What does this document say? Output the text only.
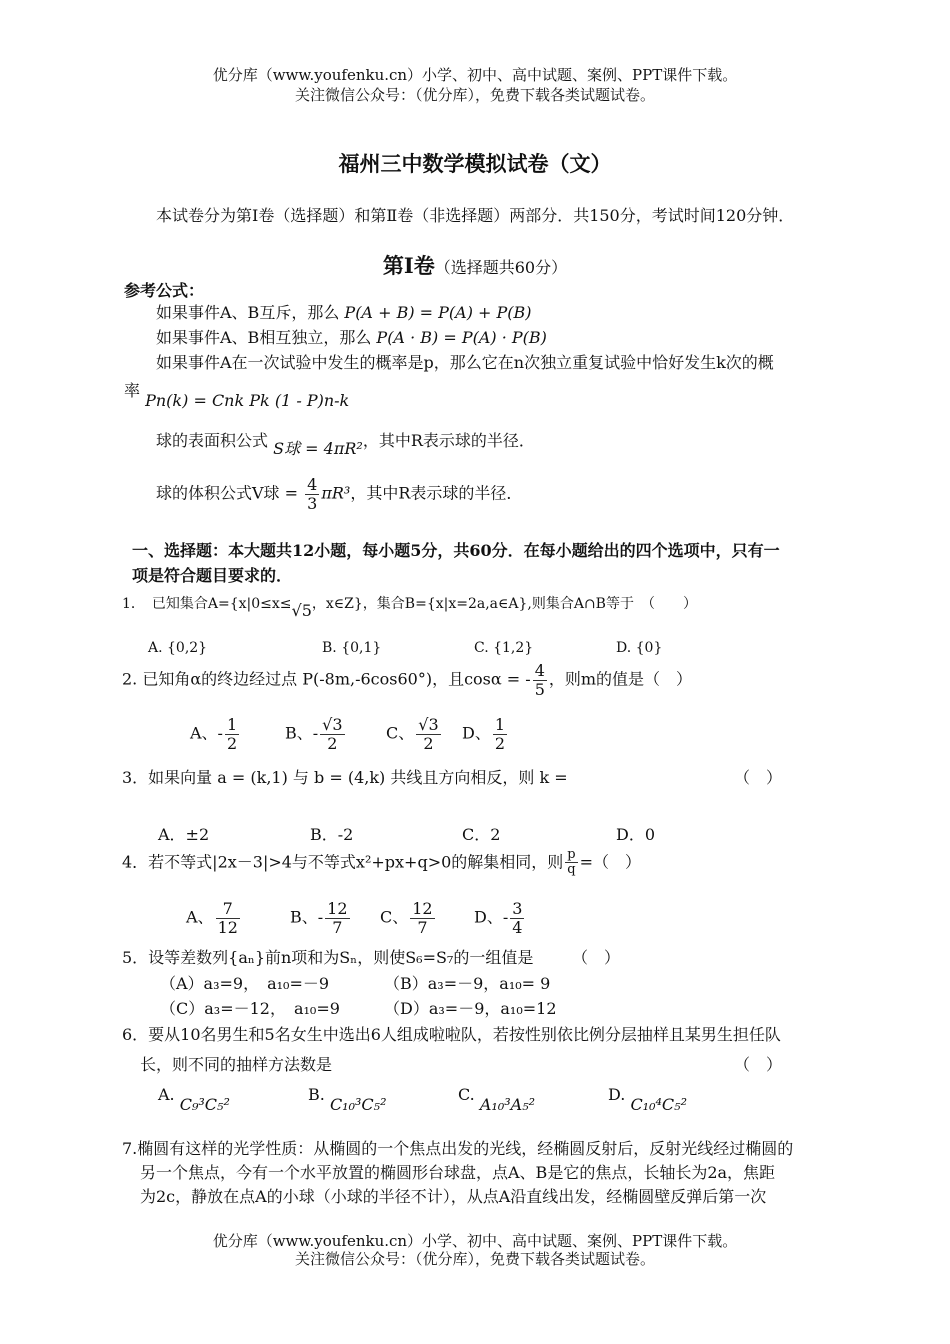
优分库（www.youfenku.cn）小学、初中、高中试题、案例、PPT课件下载。
关注微信公众号：（优分库），免费下载各类试题试卷。
福州三中数学模拟试卷（文）
本试卷分为第Ⅰ卷（选择题）和第Ⅱ卷（非选择题）两部分．共150分，考试时间120分钟．
第Ⅰ卷（选择题共60分）
参考公式：
如果事件A、B互斥，那么 P(A + B) = P(A) + P(B)
如果事件A、B相互独立，那么 P(A · B) = P(A) · P(B)
如果事件A在一次试验中发生的概率是p，那么它在n次独立重复试验中恰好发生k次的概
率 Pn(k) = Cnk Pk (1 - P)n-k
球的表面积公式 S球 = 4πR²，其中R表示球的半径．
球的体积公式V球 = $\frac{4}{3} \pi R^3$，其中R表示球的半径．
一、选择题：本大题共12小题，每小题5分，共60分．在每小题给出的四个选项中，只有一
项是符合题目要求的．
1．　已知集合A={x|0≤x≤√5，x∈Z}，集合B={x|x=2a,a∈A},则集合A∩B等于　（　　）
A. {0,2}	B. {0,1}	C. {1,2}	D. {0}
2. 已知角α的终边经过点 P(-8m,-6cos60°)，且cosα = - $\frac{4}{5}$ ，则m的值是（　）
A、- $\frac{1}{2}$	B、- $\frac{√3}{2}$	C、 $\frac{√3}{2}$ D、 $\frac{1}{2}$
3．如果向量 a = (k,1) 与 b = (4,k) 共线且方向相反，则 k =	（　）
A．±2	B．-2	C．2	D．0
4．若不等式|2x－3|>4与不等式x²+px+q>0的解集相同，则 $\frac{p}{q}$ =（　）
A、 $\frac{7}{12}$	B、- $\frac{12}{7}$ C、 $\frac{12}{7}$ D、- $\frac{3}{4}$
5．设等差数列{aₙ}前n项和为Sₙ，则使S₆=S₇的一组值是 （　）
（A）a₃=9，　a₁₀=－9	（B）a₃=－9，a₁₀= 9
（C）a₃=－12，　a₁₀=9	（D）a₃=－9，a₁₀=12
6．要从10名男生和5名女生中选出6人组成啦啦队，若按性别依比例分层抽样且某男生担任队
长，则不同的抽样方法数是	（　）
A. C₉³C₅²
B. C₁₀³C₅²
C. A₁₀³A₅²
D. C₁₀⁴C₅²
7.椭圆有这样的光学性质：从椭圆的一个焦点出发的光线，经椭圆反射后，反射光线经过椭圆的
另一个焦点，今有一个水平放置的椭圆形台球盘，点A、B是它的焦点，长轴长为2a，焦距
为2c，静放在点A的小球（小球的半径不计），从点A沿直线出发，经椭圆壁反弹后第一次
优分库（www.youfenku.cn）小学、初中、高中试题、案例、PPT课件下载。
关注微信公众号：（优分库），免费下载各类试题试卷。
